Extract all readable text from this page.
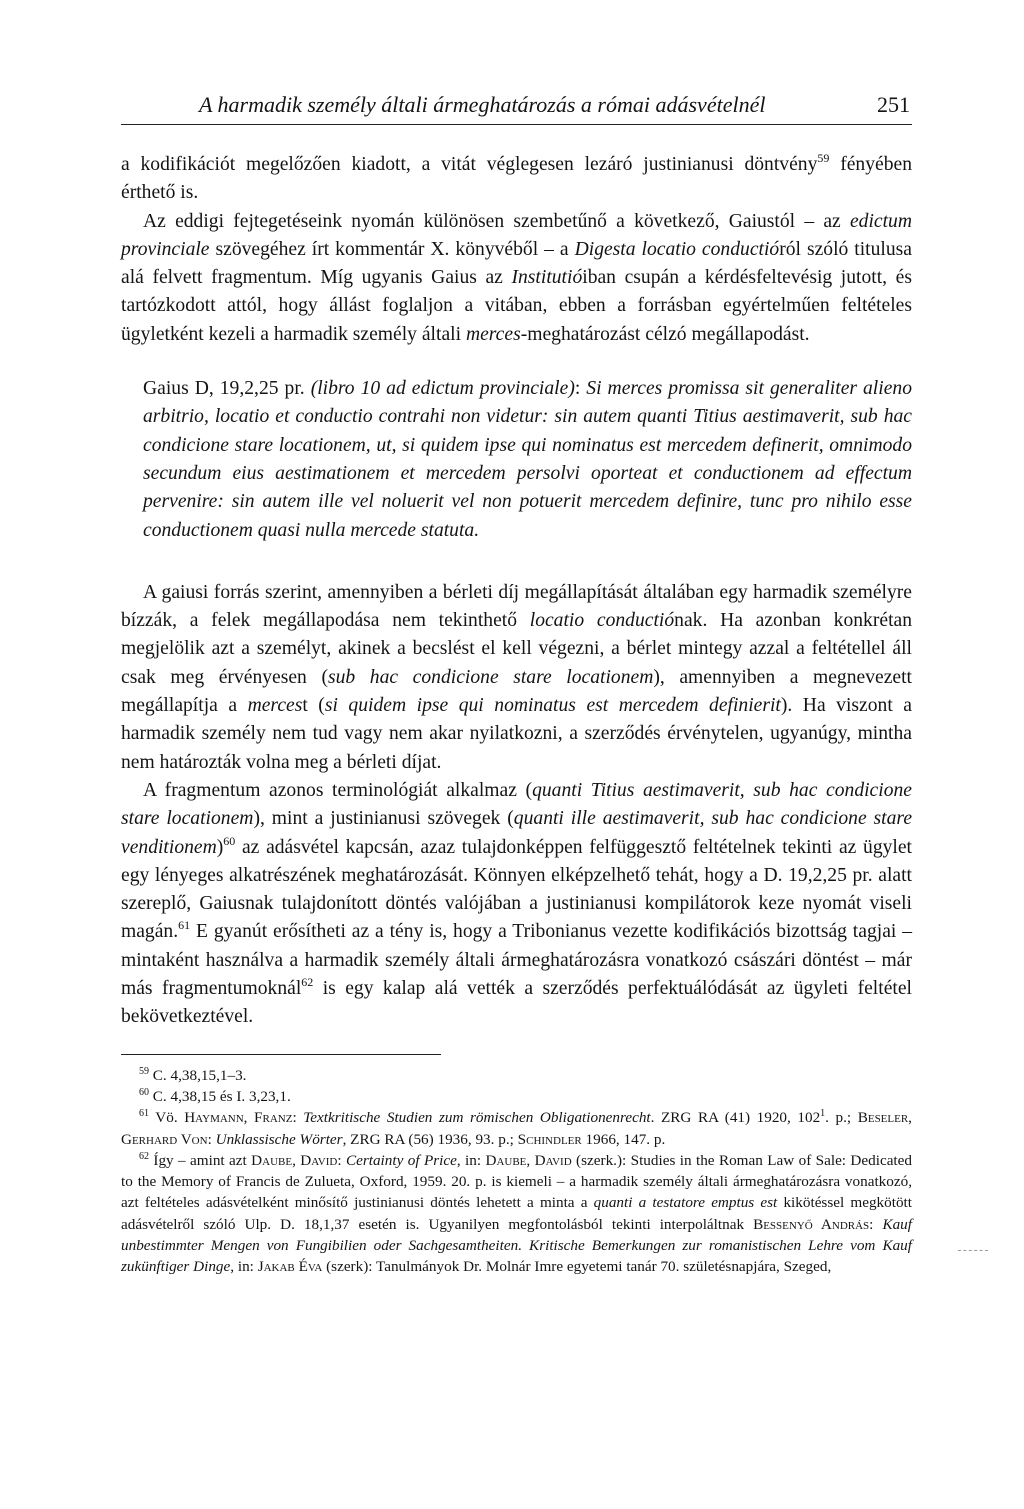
A harmadik személy általi ármeghatározás a római adásvételnél	251

a kodifikációt megelőzően kiadott, a vitát véglegesen lezáró justinianusi döntvény$^{59}$ fényében érthető is.

Az eddigi fejtegetéseink nyomán különösen szembetűnő a következő, Gaiustól – az edictum provinciale szövegéhez írt kommentár X. könyvéből – a Digesta locatio conductióról szóló titulusa alá felvett fragmentum. Míg ugyanis Gaius az Institutióiban csupán a kérdésfeltevésig jutott, és tartózkodott attól, hogy állást foglaljon a vitában, ebben a forrásban egyértelműen feltételes ügyletként kezeli a harmadik személy általi merces-meghatározást célzó megállapodást.

Gaius D, 19,2,25 pr. (libro 10 ad edictum provinciale): Si merces promissa sit generaliter alieno arbitrio, locatio et conductio contrahi non videtur: sin autem quanti Titius aestimaverit, sub hac condicione stare locationem, ut, si quidem ipse qui nominatus est mercedem definerit, omnimodo secundum eius aestimationem et mercedem persolvi oporteat et conductionem ad effectum pervenire: sin autem ille vel noluerit vel non potuerit mercedem definire, tunc pro nihilo esse conductionem quasi nulla mercede statuta.

A gaiusi forrás szerint, amennyiben a bérleti díj megállapítását általában egy harmadik személyre bízzák, a felek megállapodása nem tekinthető locatio conductiónak. Ha azonban konkrétan megjelölik azt a személyt, akinek a becslést el kell végezni, a bérlet mintegy azzal a feltétellel áll csak meg érvényesen (sub hac condicione stare locationem), amennyiben a megnevezett megállapítja a mercest (si quidem ipse qui nominatus est mercedem definierit). Ha viszont a harmadik személy nem tud vagy nem akar nyilatkozni, a szerződés érvénytelen, ugyanúgy, mintha nem határozták volna meg a bérleti díjat.

A fragmentum azonos terminológiát alkalmaz (quanti Titius aestimaverit, sub hac condicione stare locationem), mint a justinianusi szövegek (quanti ille aestimaverit, sub hac condicione stare venditionem)$^{60}$ az adásvétel kapcsán, azaz tulajdonképpen felfüggesztő feltételnek tekinti az ügylet egy lényeges alkatrészének meghatározását. Könnyen elképzelhető tehát, hogy a D. 19,2,25 pr. alatt szereplő, Gaiusnak tulajdonított döntés valójában a justinianusi kompilátorok keze nyomát viseli magán.$^{61}$ E gyanút erősítheti az a tény is, hogy a Tribonianus vezette kodifikációs bizottság tagjai – mintaként használva a harmadik személy általi ármeghatározásra vonatkozó császári döntést – már más fragmentumoknál$^{62}$ is egy kalap alá vették a szerződés perfektuálódását az ügyleti feltétel bekövetkeztével.

$^{59}$ C. 4,38,15,1–3.

$^{60}$ C. 4,38,15 és I. 3,23,1.

$^{61}$ Vö. Haymann, Franz: Textkritische Studien zum römischen Obligationenrecht. ZRG RA (41) 1920, $102^1$. p.; Beseler, Gerhard Von: Unklassische Wörter, ZRG RA (56) 1936, 93. p.; Schindler 1966, 147. p.

$^{62}$ Így – amint azt Daube, David: Certainty of Price, in: Daube, David (szerk.): Studies in the Roman Law of Sale: Dedicated to the Memory of Francis de Zulueta, Oxford, 1959. 20. p. is kiemeli – a harmadik személy általi ármeghatározásra vonatkozó, azt feltételes adásvételként minősítő justinianusi döntés lehetett a minta a quanti a testatore emptus est kikötéssel megkötött adásvételről szóló Ulp. D. 18,1,37 esetén is. Ugyanilyen megfontolásból tekinti interpoláltnak Bessenyő András: Kauf unbestimmter Mengen von Fungibilien oder Sachgesamtheiten. Kritische Bemerkungen zur romanistischen Lehre vom Kauf zukünftiger Dinge, in: Jakab Éva (szerk): Tanulmányok Dr. Molnár Imre egyetemi tanár 70. születésnapjára, Szeged,
